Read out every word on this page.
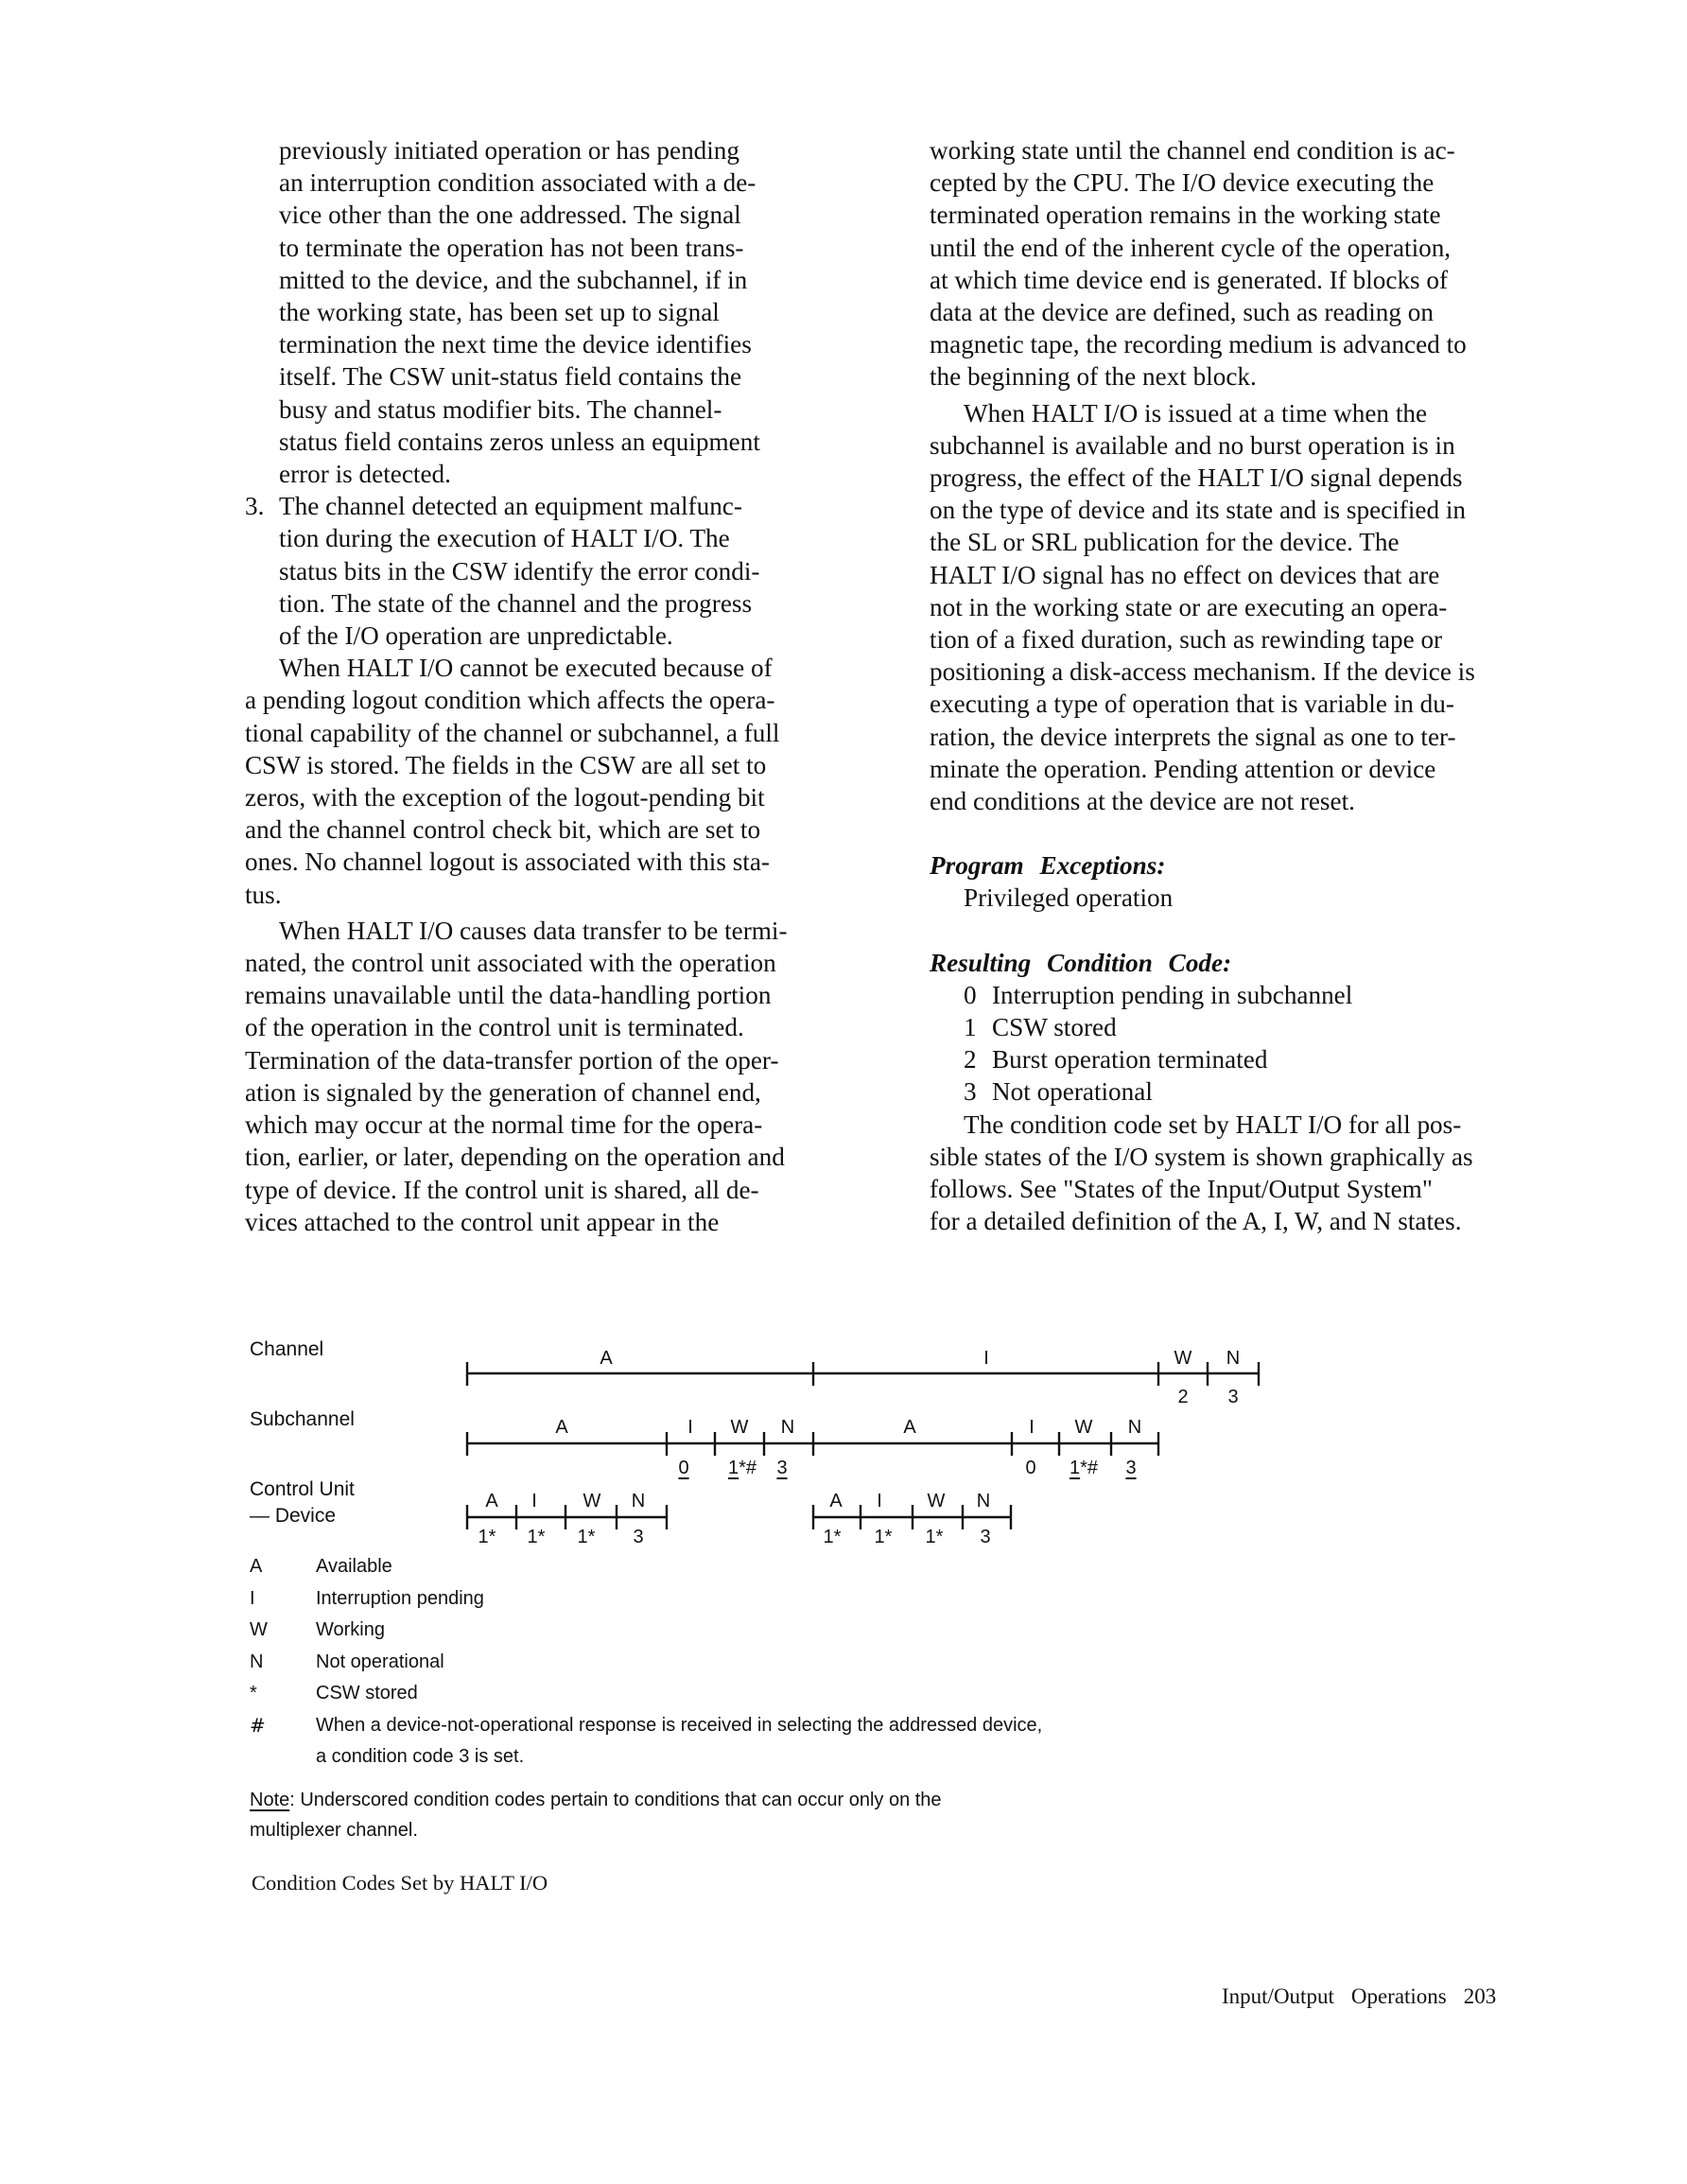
previously initiated operation or has pending
an interruption condition associated with a de-
vice other than the one addressed. The signal
to terminate the operation has not been trans-
mitted to the device, and the subchannel, if in
the working state, has been set up to signal
termination the next time the device identifies
itself. The CSW unit-status field contains the
busy and status modifier bits. The channel-
status field contains zeros unless an equipment
error is detected.

3. The channel detected an equipment malfunc-
tion during the execution of HALT I/O. The
status bits in the CSW identify the error condi-
tion. The state of the channel and the progress
of the I/O operation are unpredictable.

When HALT I/O cannot be executed because of
a pending logout condition which affects the opera-
tional capability of the channel or subchannel, a full
CSW is stored. The fields in the CSW are all set to
zeros, with the exception of the logout-pending bit
and the channel control check bit, which are set to
ones. No channel logout is associated with this sta-
tus.

When HALT I/O causes data transfer to be termi-
nated, the control unit associated with the operation
remains unavailable until the data-handling portion
of the operation in the control unit is terminated.
Termination of the data-transfer portion of the oper-
ation is signaled by the generation of channel end,
which may occur at the normal time for the opera-
tion, earlier, or later, depending on the operation and
type of device. If the control unit is shared, all de-
vices attached to the control unit appear in the

working state until the channel end condition is ac-
cepted by the CPU. The I/O device executing the
terminated operation remains in the working state
until the end of the inherent cycle of the operation,
at which time device end is generated. If blocks of
data at the device are defined, such as reading on
magnetic tape, the recording medium is advanced to
the beginning of the next block.

When HALT I/O is issued at a time when the
subchannel is available and no burst operation is in
progress, the effect of the HALT I/O signal depends
on the type of device and its state and is specified in
the SL or SRL publication for the device. The
HALT I/O signal has no effect on devices that are
not in the working state or are executing an opera-
tion of a fixed duration, such as rewinding tape or
positioning a disk-access mechanism. If the device is
executing a type of operation that is variable in du-
ration, the device interprets the signal as one to ter-
minate the operation. Pending attention or device
end conditions at the device are not reset.

Program Exceptions:

Privileged operation

Resulting Condition Code:

0 Interruption pending in subchannel
1 CSW stored
2 Burst operation terminated
3 Not operational

The condition code set by HALT I/O for all pos-
sible states of the I/O system is shown graphically as
follows. See "States of the Input/Output System"
for a detailed definition of the A, I, W, and N states.

Channel
Subchannel
Control Unit
— Device
A	I	W N
2 3
A	I W N	A	I W N
0 1*# 3	0 1*# 3
A I W N
1* 1* 1* 3
A I W N
1* 1* 1* 3
A	Available
I	Interruption pending
W	Working
N	Not operational
*	CSW stored
#	When a device-not-operational response is received in selecting the addressed device,
a condition code 3 is set.
Note: Underscored condition codes pertain to conditions that can occur only on the
multiplexer channel.
Condition Codes Set by HALT I/O
Input/Output Operations 203
